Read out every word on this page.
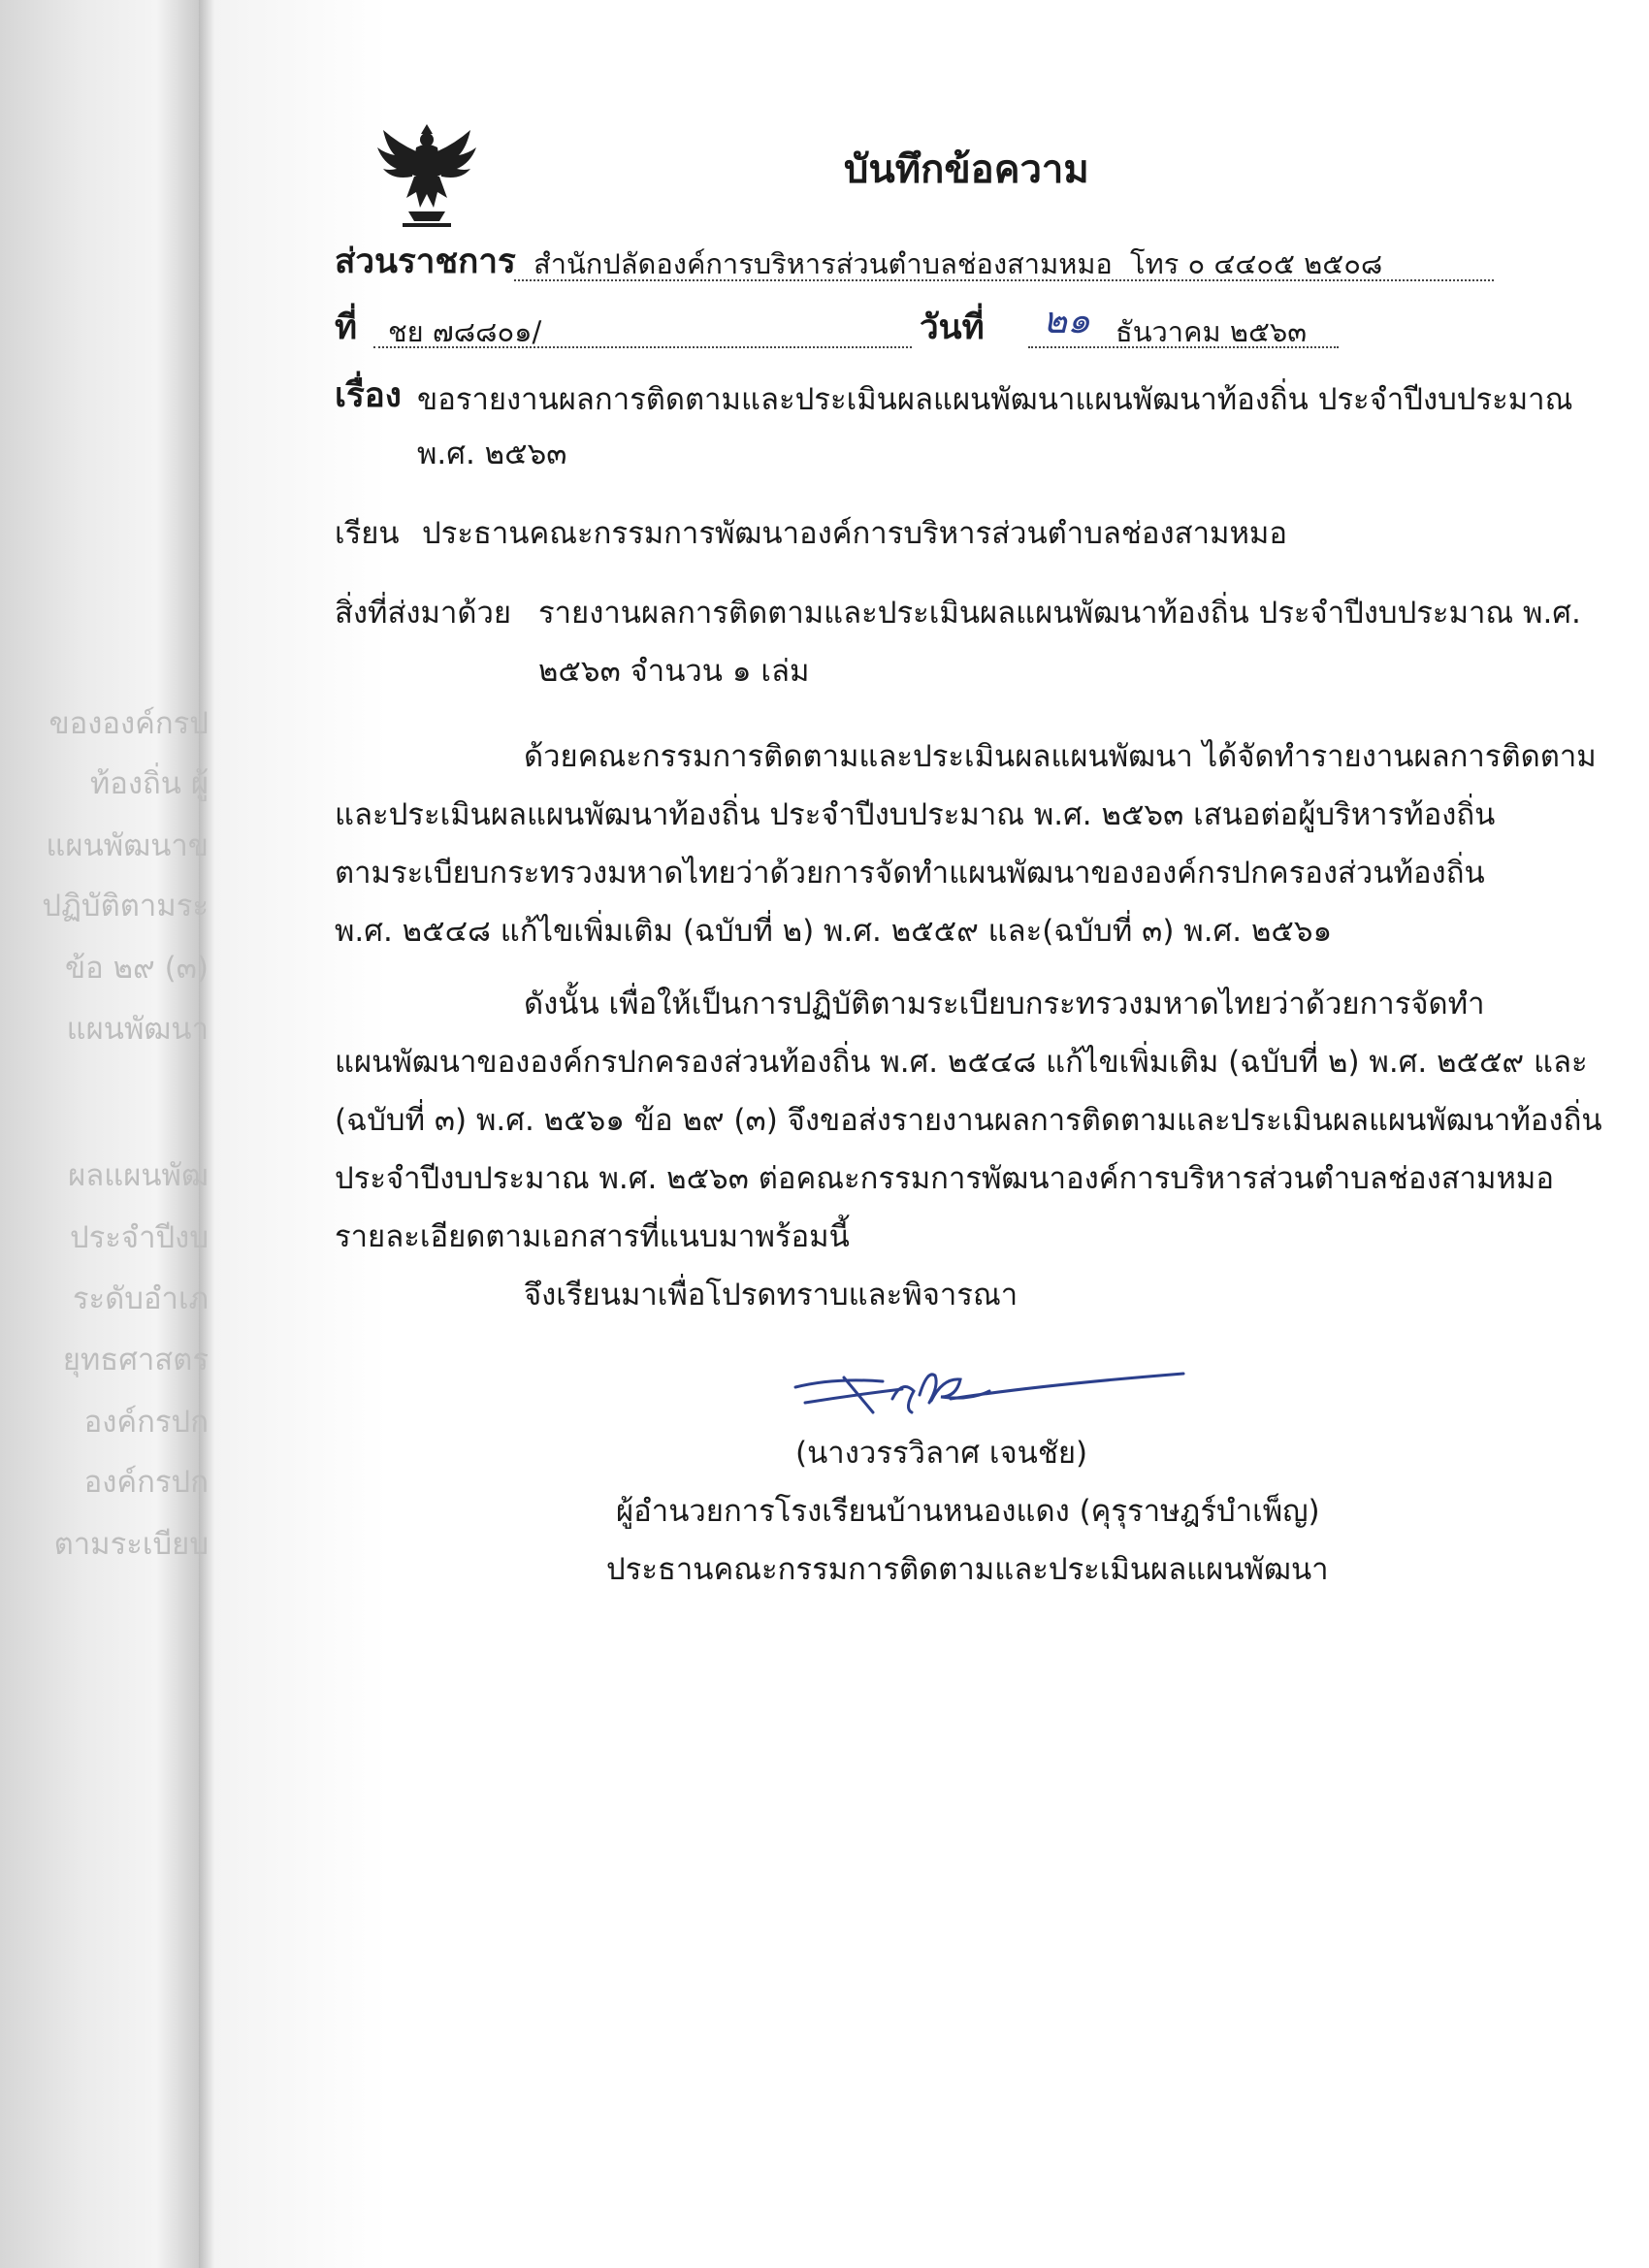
ขององค์กรป
ท้องถิ่น ผู้
แผนพัฒนาข
ปฏิบัติตามระ
ข้อ ๒๙ (๓)
แผนพัฒนา
ผลแผนพัฒ
ประจำปีงบ
ระดับอำเภ
ยุทธศาสตร
องค์กรปก
องค์กรปก
ตามระเบียบ
บันทึกข้อความ
ส่วนราชการ สำนักปลัดองค์การบริหารส่วนตำบลช่องสามหมอ โทร ๐ ๔๔๐๕ ๒๕๐๘
ที่ ชย ๗๘๘๐๑/	วันที่ ๒๑ ธันวาคม ๒๕๖๓
เรื่อง ขอรายงานผลการติดตามและประเมินผลแผนพัฒนาแผนพัฒนาท้องถิ่น ประจำปีงบประมาณ
พ.ศ. ๒๕๖๓
เรียน ประธานคณะกรรมการพัฒนาองค์การบริหารส่วนตำบลช่องสามหมอ
สิ่งที่ส่งมาด้วย รายงานผลการติดตามและประเมินผลแผนพัฒนาท้องถิ่น ประจำปีงบประมาณ พ.ศ.
๒๕๖๓ จำนวน ๑ เล่ม
ด้วยคณะกรรมการติดตามและประเมินผลแผนพัฒนา ได้จัดทำรายงานผลการติดตาม
และประเมินผลแผนพัฒนาท้องถิ่น ประจำปีงบประมาณ พ.ศ. ๒๕๖๓ เสนอต่อผู้บริหารท้องถิ่น
ตามระเบียบกระทรวงมหาดไทยว่าด้วยการจัดทำแผนพัฒนาขององค์กรปกครองส่วนท้องถิ่น
พ.ศ. ๒๕๔๘ แก้ไขเพิ่มเติม (ฉบับที่ ๒) พ.ศ. ๒๕๕๙ และ(ฉบับที่ ๓) พ.ศ. ๒๕๖๑
ดังนั้น เพื่อให้เป็นการปฏิบัติตามระเบียบกระทรวงมหาดไทยว่าด้วยการจัดทำ
แผนพัฒนาขององค์กรปกครองส่วนท้องถิ่น พ.ศ. ๒๕๔๘ แก้ไขเพิ่มเติม (ฉบับที่ ๒) พ.ศ. ๒๕๕๙ และ
(ฉบับที่ ๓) พ.ศ. ๒๕๖๑ ข้อ ๒๙ (๓) จึงขอส่งรายงานผลการติดตามและประเมินผลแผนพัฒนาท้องถิ่น
ประจำปีงบประมาณ พ.ศ. ๒๕๖๓ ต่อคณะกรรมการพัฒนาองค์การบริหารส่วนตำบลช่องสามหมอ
รายละเอียดตามเอกสารที่แนบมาพร้อมนี้
จึงเรียนมาเพื่อโปรดทราบและพิจารณา
(นางวรรวิลาศ เจนชัย)
ผู้อำนวยการโรงเรียนบ้านหนองแดง (คุรุราษฎร์บำเพ็ญ)
ประธานคณะกรรมการติดตามและประเมินผลแผนพัฒนา
